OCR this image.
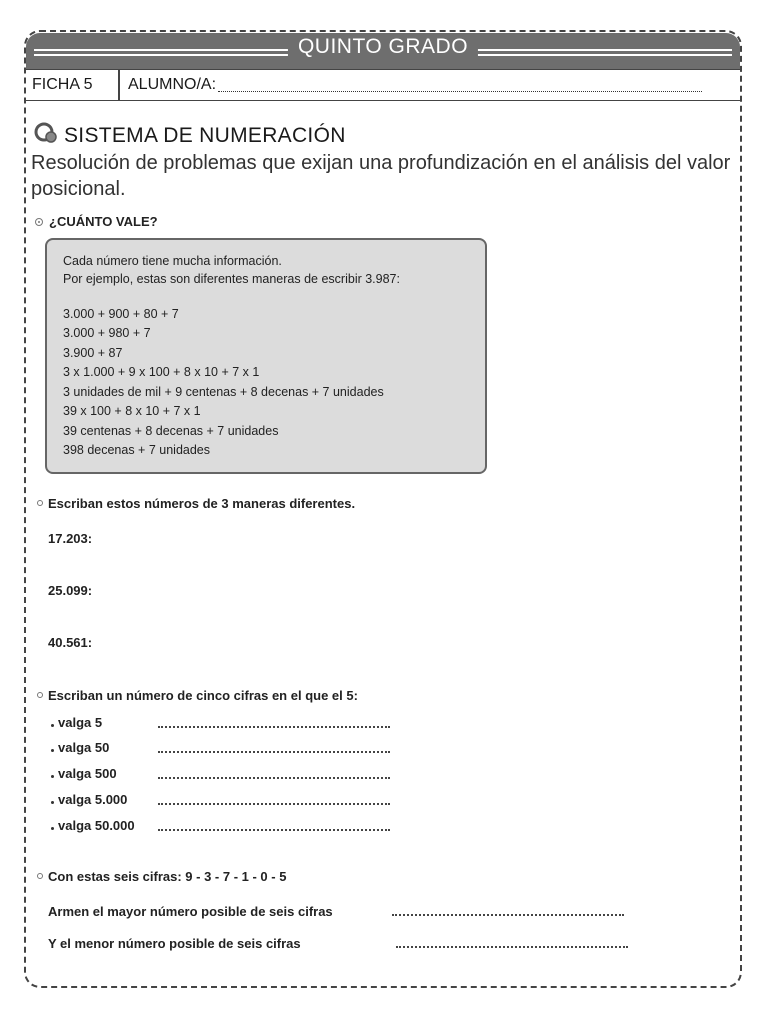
QUINTO GRADO
FICHA 5 ALUMNO/A:
SISTEMA DE NUMERACIÓN
Resolución de problemas que exijan una profundización en el análisis del valor posicional.
¿CUÁNTO VALE?
Cada número tiene mucha información.
Por ejemplo, estas son diferentes maneras de escribir 3.987:
3.000 + 900 + 80 + 7
3.000 + 980 + 7
3.900 + 87
3 x 1.000 + 9 x 100 + 8 x 10 + 7 x 1
3 unidades de mil + 9 centenas + 8 decenas + 7 unidades
39 x 100 + 8 x 10 + 7 x 1
39 centenas + 8 decenas + 7 unidades
398 decenas + 7 unidades
Escriban estos números de 3 maneras diferentes.
17.203:
25.099:
40.561:
Escriban un número de cinco cifras en el que el 5:
valga 5
valga 50
valga 500
valga 5.000
valga 50.000
Con estas seis cifras: 9 - 3 - 7 - 1 - 0 - 5
Armen el mayor número posible de seis cifras
Y el menor número posible de seis cifras
